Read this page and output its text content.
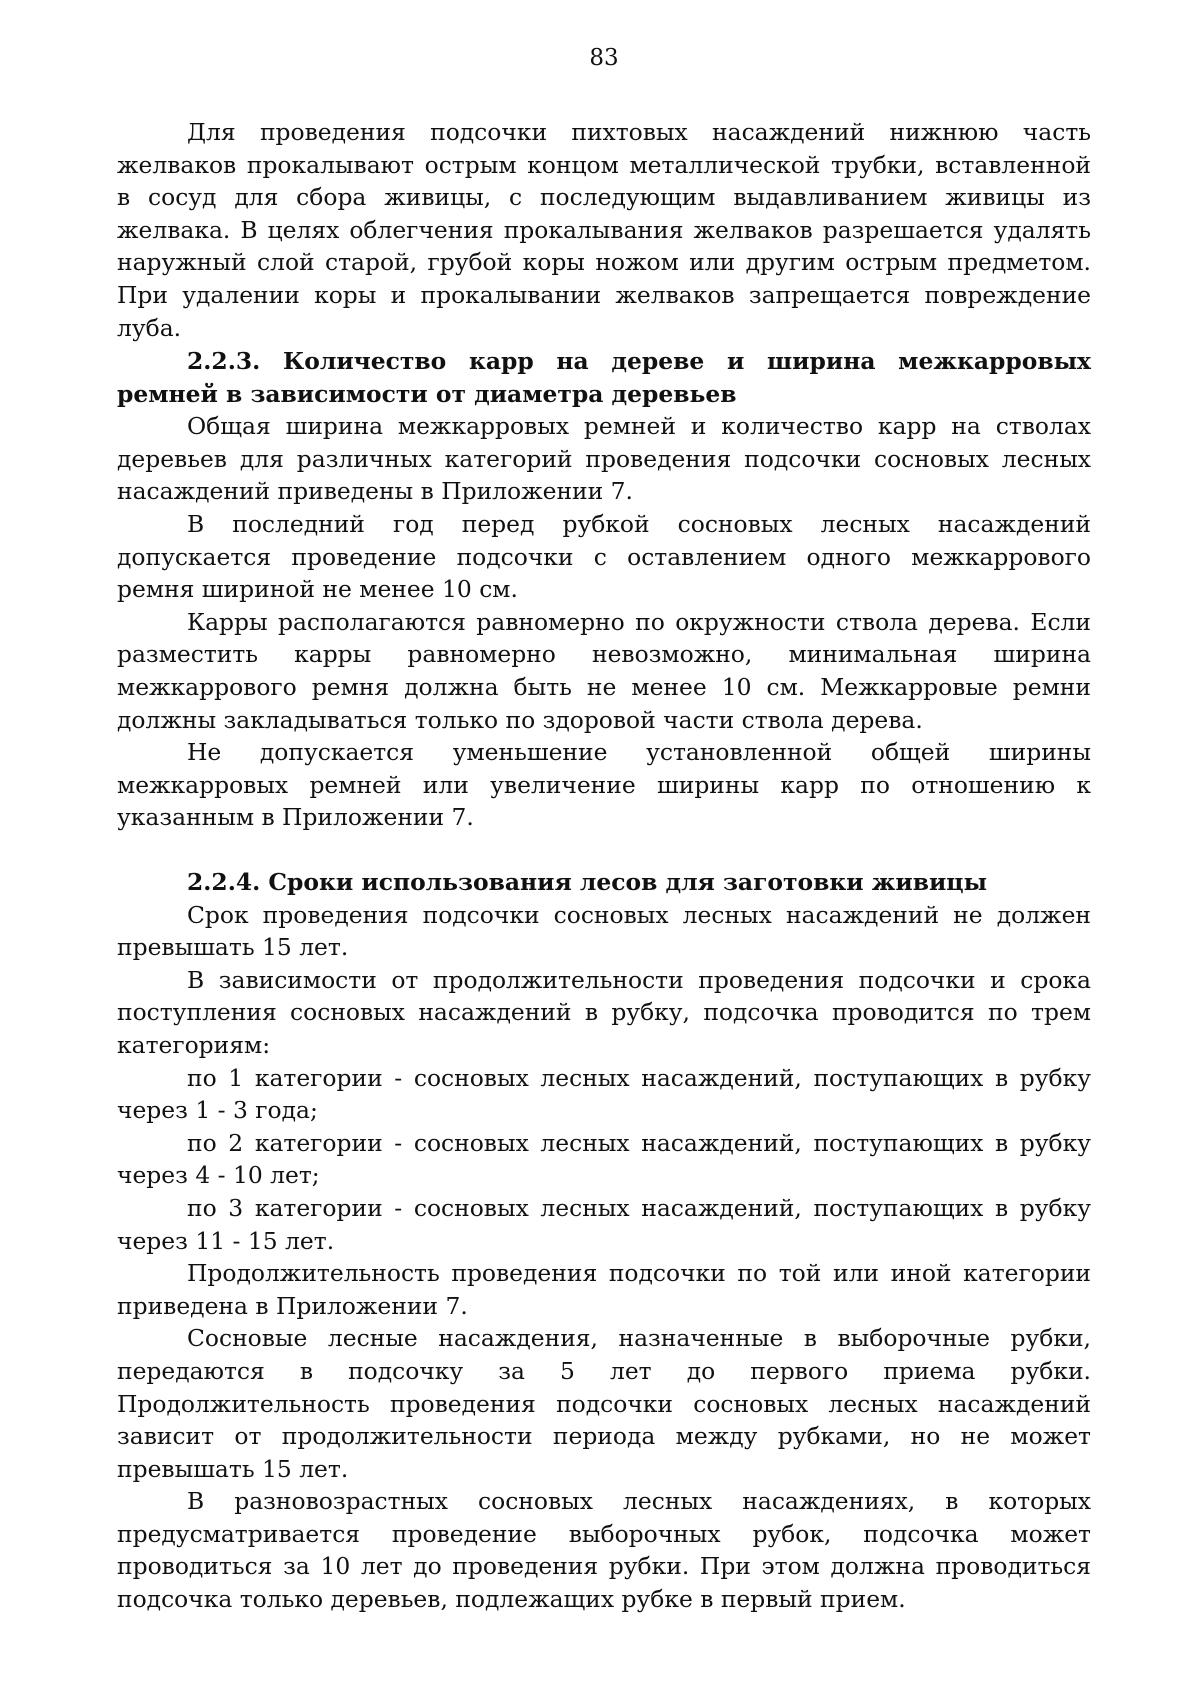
83

Для проведения подсочки пихтовых насаждений нижнюю часть желваков прокалывают острым концом металлической трубки, вставленной в сосуд для сбора живицы, с последующим выдавливанием живицы из желвака. В целях облегчения прокалывания желваков разрешается удалять наружный слой старой, грубой коры ножом или другим острым предметом. При удалении коры и прокалывании желваков запрещается повреждение луба.

2.2.3. Количество карр на дереве и ширина межкарровых ремней в зависимости от диаметра деревьев

Общая ширина межкарровых ремней и количество карр на стволах деревьев для различных категорий проведения подсочки сосновых лесных насаждений приведены в Приложении 7.

В последний год перед рубкой сосновых лесных насаждений допускается проведение подсочки с оставлением одного межкаррового ремня шириной не менее 10 см.

Карры располагаются равномерно по окружности ствола дерева. Если разместить карры равномерно невозможно, минимальная ширина межкаррового ремня должна быть не менее 10 см. Межкарровые ремни должны закладываться только по здоровой части ствола дерева.

Не допускается уменьшение установленной общей ширины межкарровых ремней или увеличение ширины карр по отношению к указанным в Приложении 7.

2.2.4. Сроки использования лесов для заготовки живицы

Срок проведения подсочки сосновых лесных насаждений не должен превышать 15 лет.

В зависимости от продолжительности проведения подсочки и срока поступления сосновых насаждений в рубку, подсочка проводится по трем категориям:

по 1 категории - сосновых лесных насаждений, поступающих в рубку через 1 - 3 года;

по 2 категории - сосновых лесных насаждений, поступающих в рубку через 4 - 10 лет;

по 3 категории - сосновых лесных насаждений, поступающих в рубку через 11 - 15 лет.

Продолжительность проведения подсочки по той или иной категории приведена в Приложении 7.

Сосновые лесные насаждения, назначенные в выборочные рубки, передаются в подсочку за 5 лет до первого приема рубки. Продолжительность проведения подсочки сосновых лесных насаждений зависит от продолжительности периода между рубками, но не может превышать 15 лет.

В разновозрастных сосновых лесных насаждениях, в которых предусматривается проведение выборочных рубок, подсочка может проводиться за 10 лет до проведения рубки. При этом должна проводиться подсочка только деревьев, подлежащих рубке в первый прием.
